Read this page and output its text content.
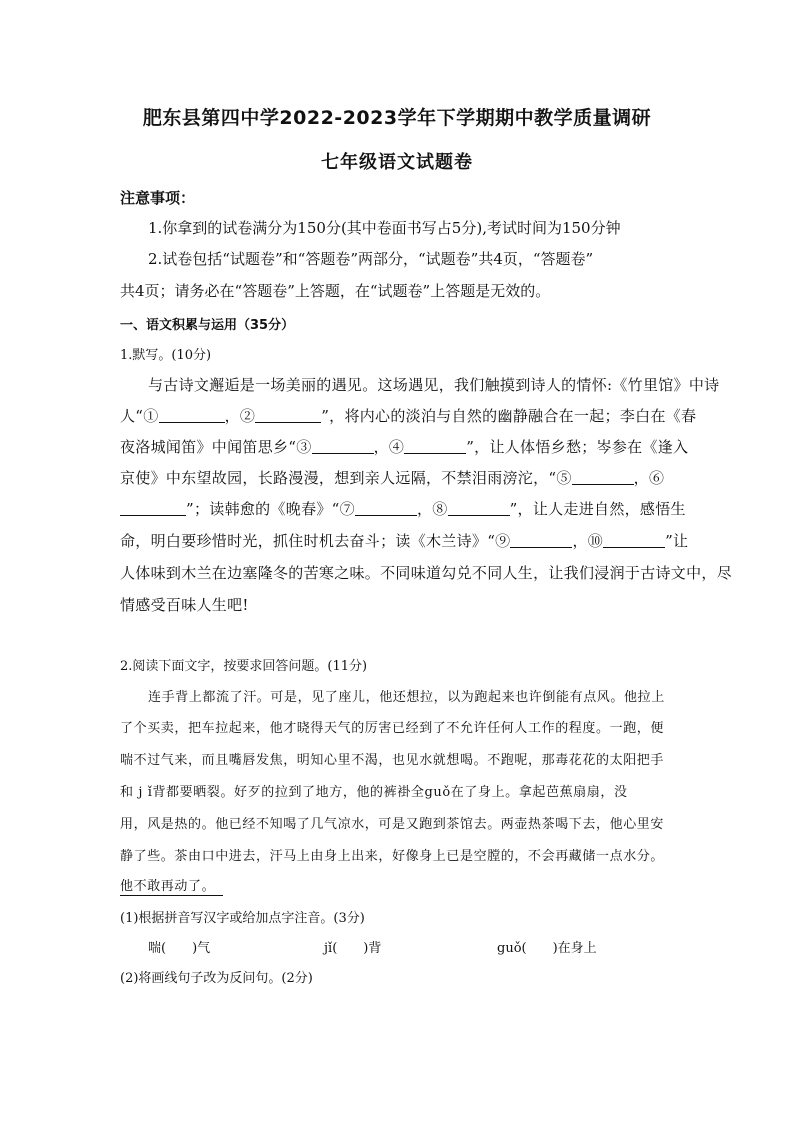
肥东县第四中学2022-2023学年下学期期中教学质量调研
七年级语文试题卷
注意事项：
1.你拿到的试卷满分为150分(其中卷面书写占5分),考试时间为150分钟
2.试卷包括“试题卷”和“答题卷”两部分，“试题卷”共4页，“答题卷”
共4页；请务必在“答题卷”上答题，在“试题卷”上答题是无效的。
一、语文积累与运用（35分）
1.默写。(10分)
与古诗文邂逅是一场美丽的遇见。这场遇见，我们触摸到诗人的情怀:《竹里馆》中诗
人“①	，②	”，将内心的淡泊与自然的幽静融合在一起；李白在《春
夜洛城闻笛》中闻笛思乡“③	，④	”，让人体悟乡愁；岑参在《逢入
京使》中东望故园，长路漫漫，想到亲人远隔，不禁泪雨滂沱，“⑤	，⑥
”；读韩愈的《晚春》“⑦	，⑧	”，让人走进自然，感悟生
命，明白要珍惜时光，抓住时机去奋斗；读《木兰诗》“⑨	，⑩	”让
人体味到木兰在边塞隆冬的苦寒之味。不同味道勾兑不同人生，让我们浸润于古诗文中，尽
情感受百味人生吧!
2.阅读下面文字，按要求回答问题。(11分)
连手背上都流了汗。可是，见了座儿，他还想拉，以为跑起来也许倒能有点风。他拉上
了个买卖，把车拉起来，他才晓得天气的厉害已经到了不允许任何人工作的程度。一跑，便
喘不过气来，而且嘴唇发焦，明知心里不渴，也见水就想喝。不跑呢，那毒花花的太阳把手
和 j ǐ背都要晒裂。好歹的拉到了地方，他的裤褂全guǒ在了身上。拿起芭蕉扇扇，没
用，风是热的。他已经不知喝了几气凉水，可是又跑到茶馆去。两壶热茶喝下去，他心里安
静了些。茶由口中进去，汗马上由身上出来，好像身上已是空膛的，不会再藏储一点水分。
他不敢再动了。
(1)根据拼音写汉字或给加点字注音。(3分)
喘(　　)气	jǐ(　　)背	guǒ(　　)在身上
(2)将画线句子改为反问句。(2分)
